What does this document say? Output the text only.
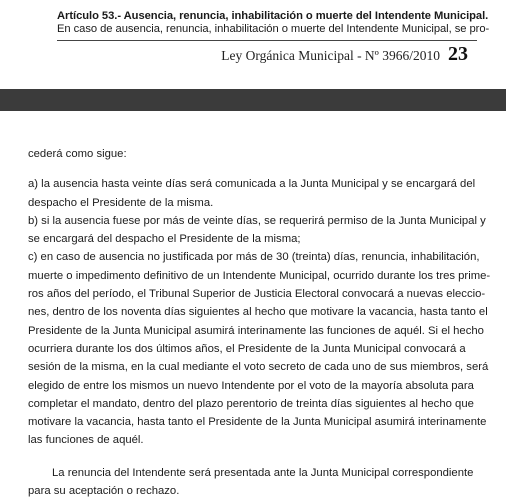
Artículo 53.- Ausencia, renuncia, inhabilitación o muerte del Intendente Municipal.
En caso de ausencia, renuncia, inhabilitación o muerte del Intendente Municipal, se pro-
Ley Orgánica Municipal - Nº 3966/2010 23
cederá como sigue:
a) la ausencia hasta veinte días será comunicada a la Junta Municipal y se encargará del
despacho el Presidente de la misma.
b) si la ausencia fuese por más de veinte días, se requerirá permiso de la Junta Municipal y
se encargará del despacho el Presidente de la misma;
c) en caso de ausencia no justificada por más de 30 (treinta) días, renuncia, inhabilitación,
muerte o impedimento definitivo de un Intendente Municipal, ocurrido durante los tres prime-
ros años del período, el Tribunal Superior de Justicia Electoral convocará a nuevas eleccio-
nes, dentro de los noventa días siguientes al hecho que motivare la vacancia, hasta tanto el
Presidente de la Junta Municipal asumirá interinamente las funciones de aquél. Si el hecho
ocurriera durante los dos últimos años, el Presidente de la Junta Municipal convocará a
sesión de la misma, en la cual mediante el voto secreto de cada uno de sus miembros, será
elegido de entre los mismos un nuevo Intendente por el voto de la mayoría absoluta para
completar el mandato, dentro del plazo perentorio de treinta días siguientes al hecho que
motivare la vacancia, hasta tanto el Presidente de la Junta Municipal asumirá interinamente
las funciones de aquél.
La renuncia del Intendente será presentada ante la Junta Municipal correspondiente
para su aceptación o rechazo.
